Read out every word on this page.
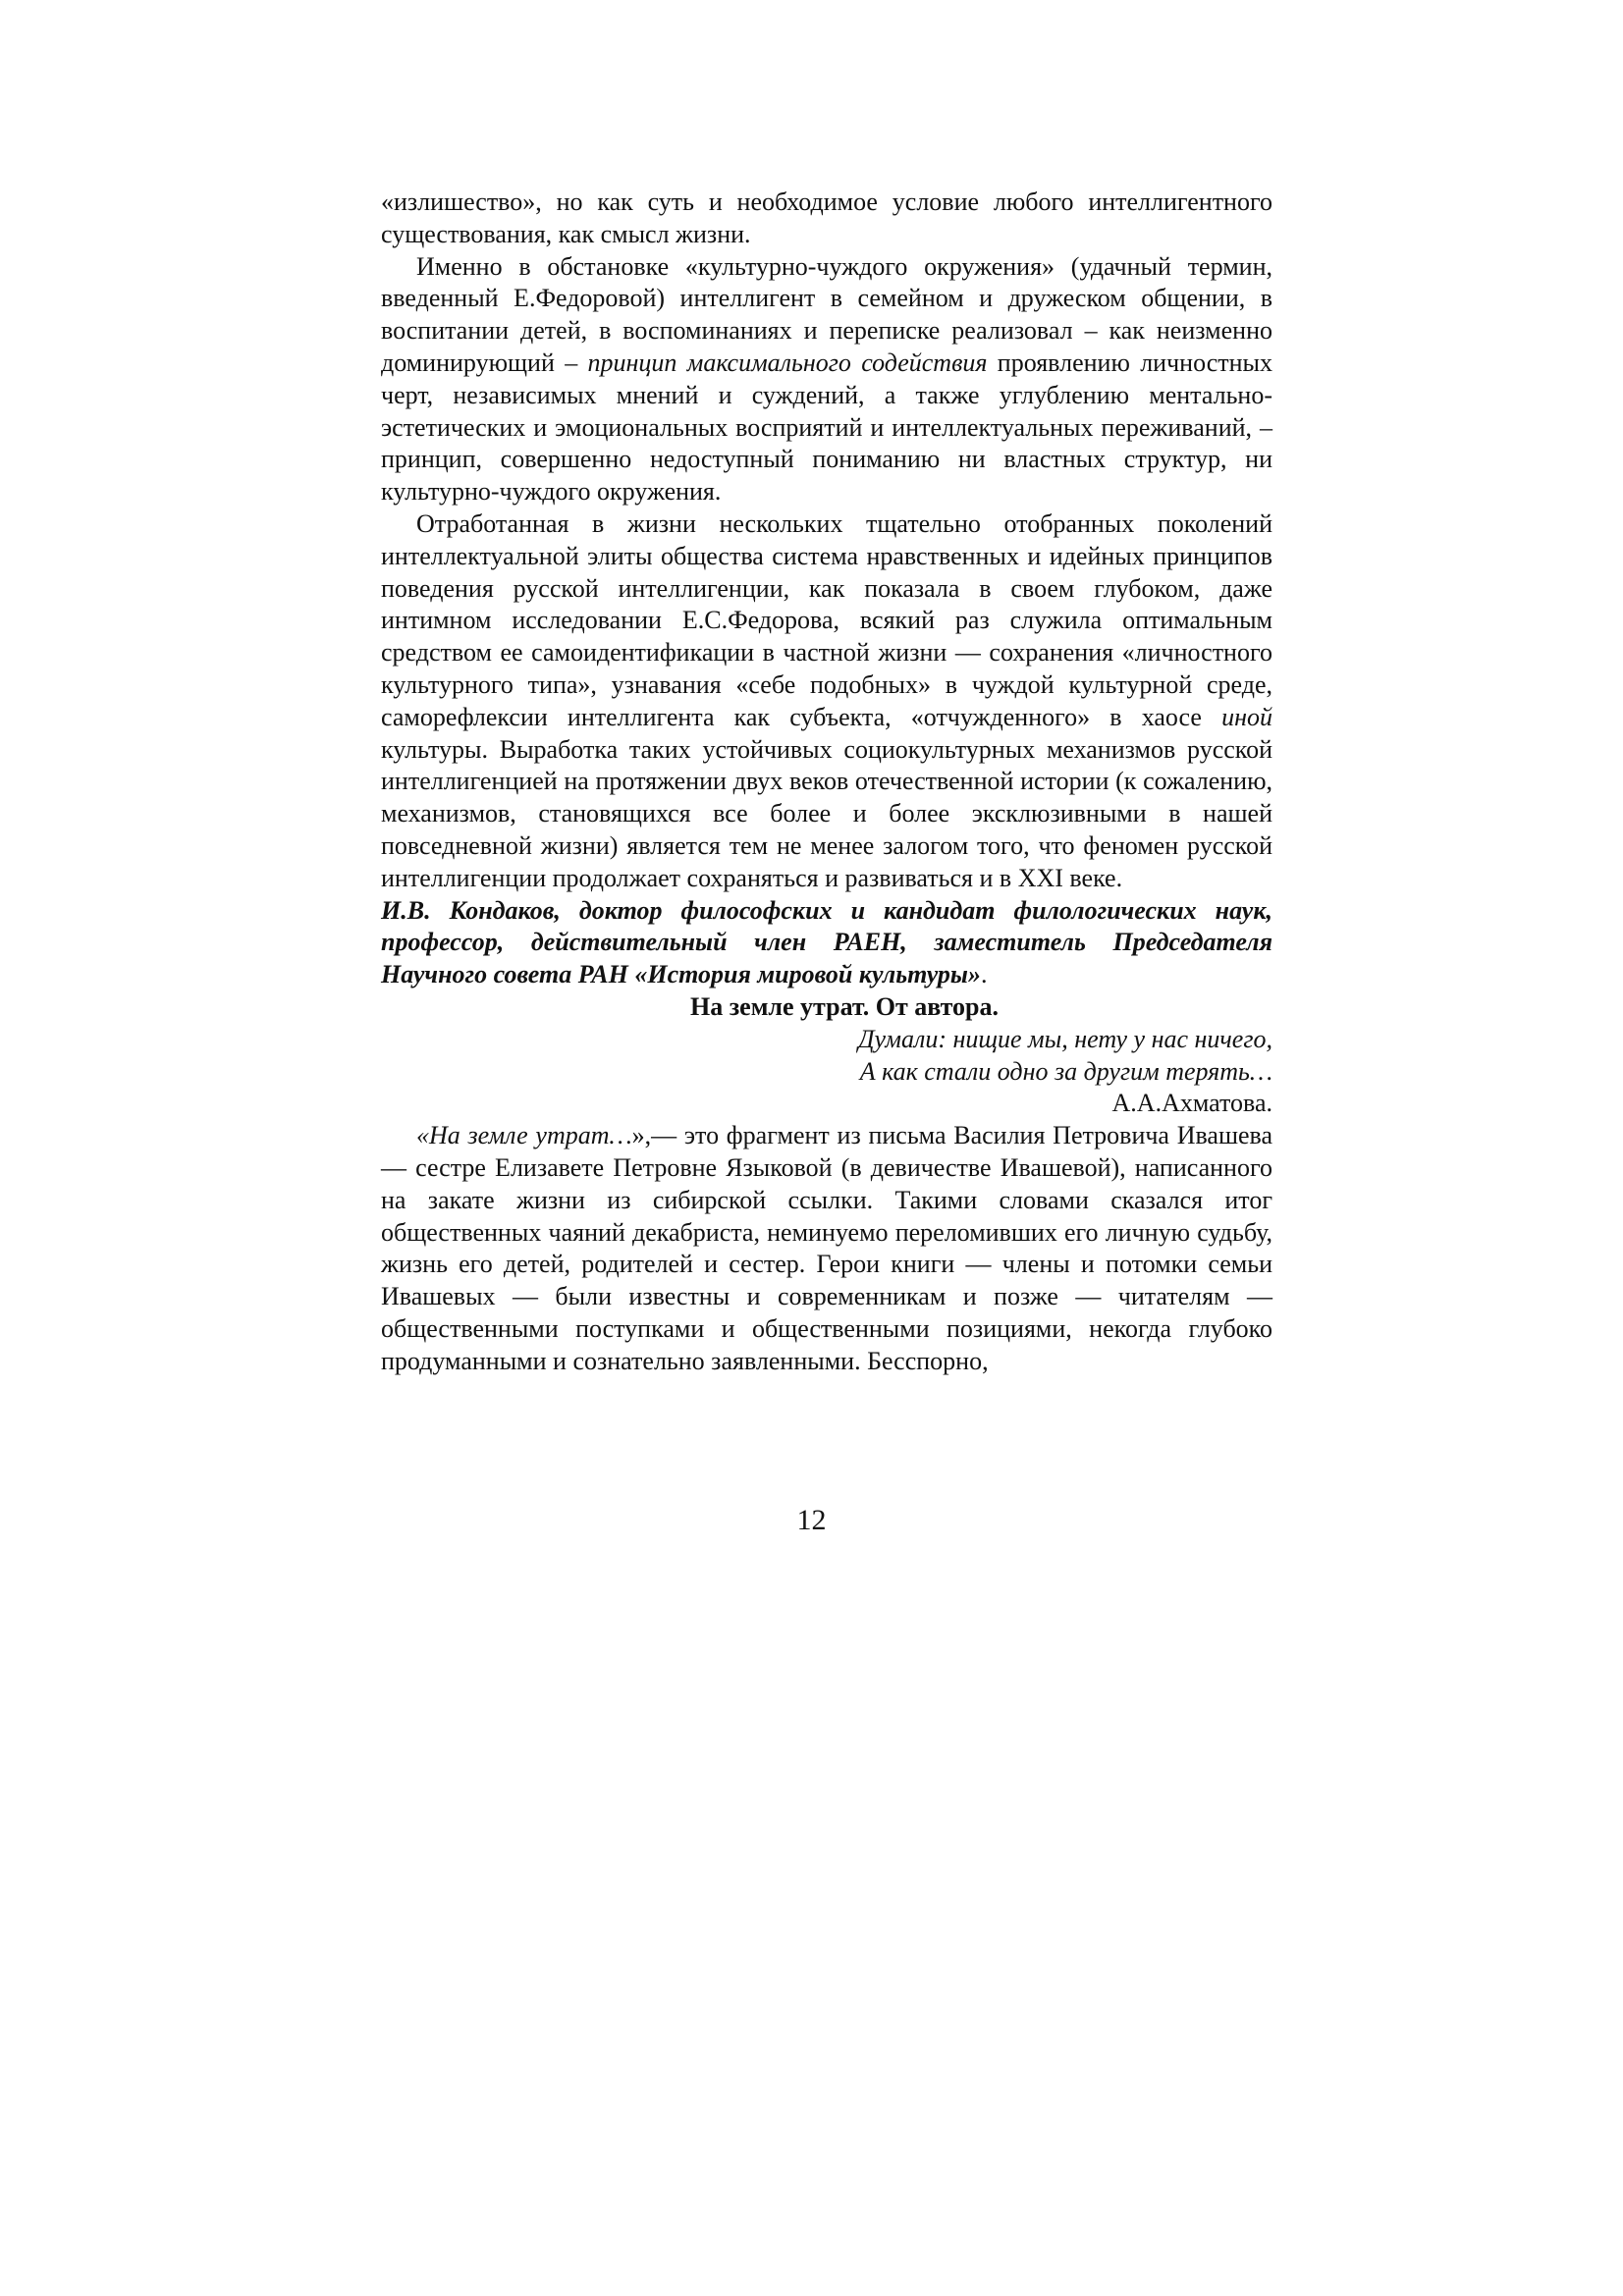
«излишество», но как суть и необходимое условие любого интеллигентного существования, как смысл жизни.

Именно в обстановке «культурно-чуждого окружения» (удачный термин, введенный Е.Федоровой) интеллигент в семейном и дружеском общении, в воспитании детей, в воспоминаниях и переписке реализовал – как неизменно доминирующий – принцип максимального содействия проявлению личностных черт, независимых мнений и суждений, а также углублению ментально-эстетических и эмоциональных восприятий и интеллектуальных переживаний, – принцип, совершенно недоступный пониманию ни властных структур, ни культурно-чуждого окружения.

Отработанная в жизни нескольких тщательно отобранных поколений интеллектуальной элиты общества система нравственных и идейных принципов поведения русской интеллигенции, как показала в своем глубоком, даже интимном исследовании Е.С.Федорова, всякий раз служила оптимальным средством ее самоидентификации в частной жизни — сохранения «личностного культурного типа», узнавания «себе подобных» в чуждой культурной среде, саморефлексии интеллигента как субъекта, «отчужденного» в хаосе иной культуры. Выработка таких устойчивых социокультурных механизмов русской интеллигенцией на протяжении двух веков отечественной истории (к сожалению, механизмов, становящихся все более и более эксклюзивными в нашей повседневной жизни) является тем не менее залогом того, что феномен русской интеллигенции продолжает сохраняться и развиваться и в XXI веке.

И.В. Кондаков, доктор философских и кандидат филологических наук, профессор, действительный член РАЕН, заместитель Председателя Научного совета РАН «История мировой культуры».

На земле утрат. От автора.

Думали: нищие мы, нету у нас ничего,

А как стали одно за другим терять…

А.А.Ахматова.

«На земле утрат…»,— это фрагмент из письма Василия Петровича Ивашева — сестре Елизавете Петровне Языковой (в девичестве Ивашевой), написанного на закате жизни из сибирской ссылки. Такими словами сказался итог общественных чаяний декабриста, неминуемо переломивших его личную судьбу, жизнь его детей, родителей и сестер. Герои книги — члены и потомки семьи Ивашевых — были известны и современникам и позже — читателям — общественными поступками и общественными позициями, некогда глубоко продуманными и сознательно заявленными. Бесспорно,

12
